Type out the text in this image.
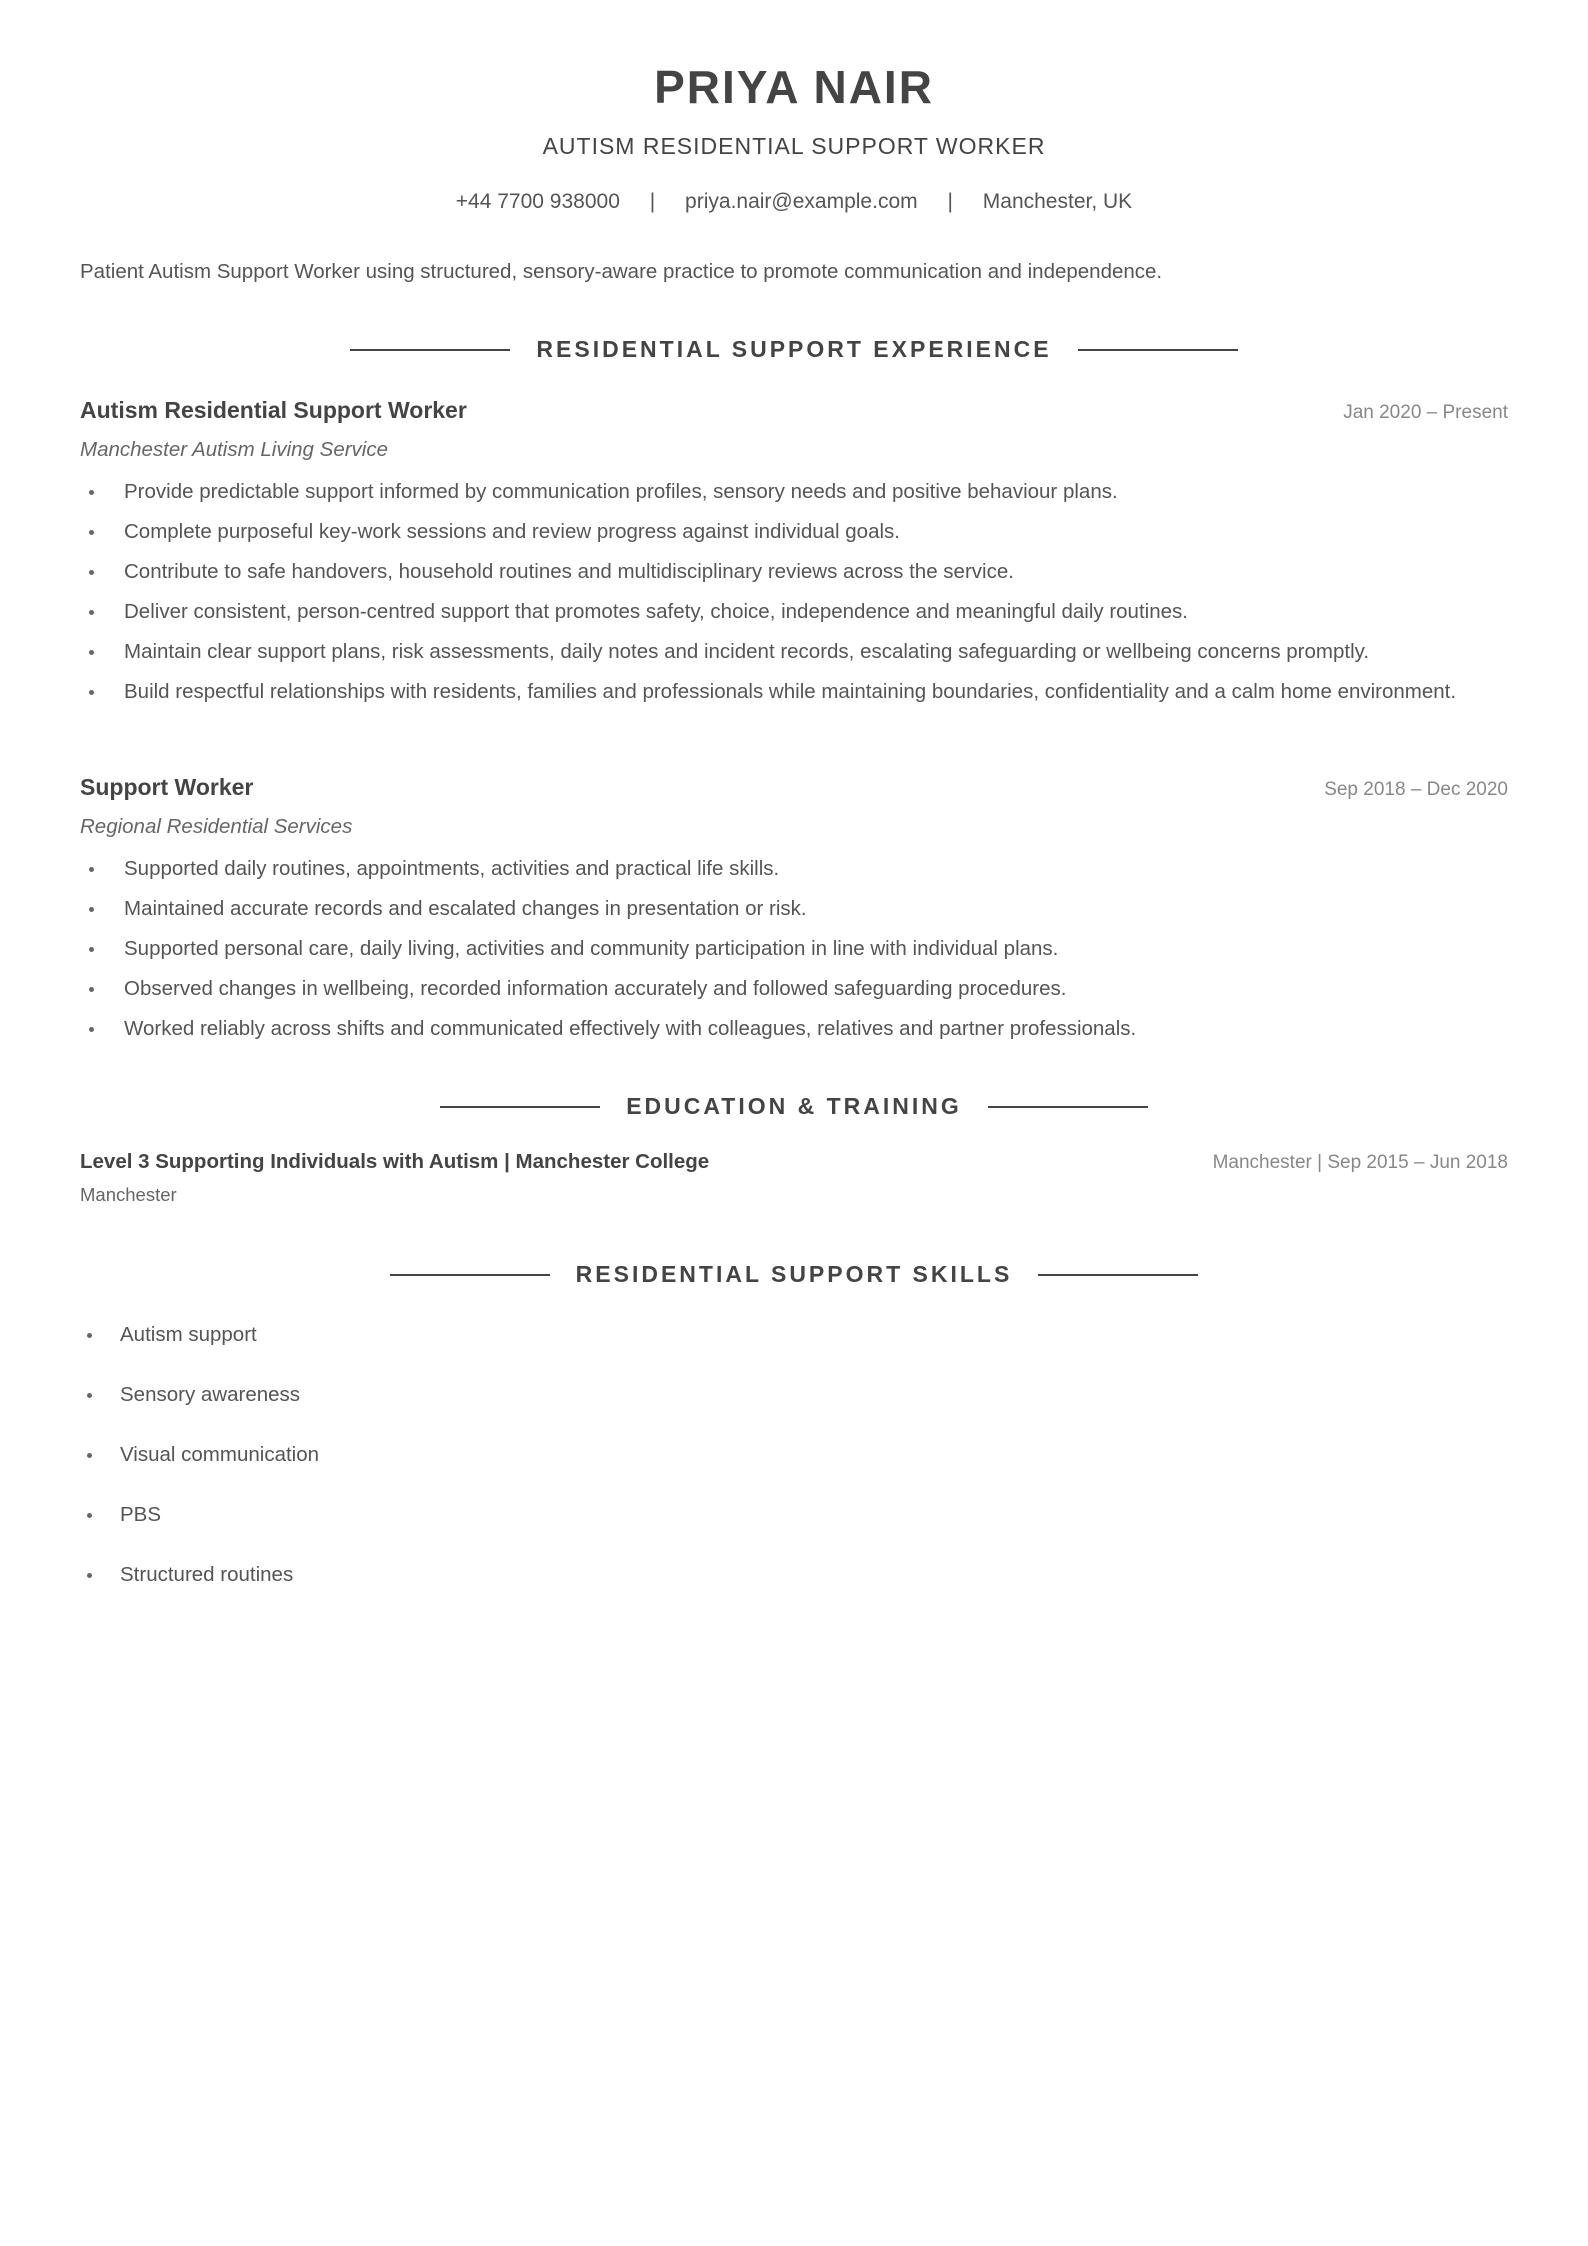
PRIYA NAIR
AUTISM RESIDENTIAL SUPPORT WORKER
+44 7700 938000 | priya.nair@example.com | Manchester, UK
Patient Autism Support Worker using structured, sensory-aware practice to promote communication and independence.
RESIDENTIAL SUPPORT EXPERIENCE
Autism Residential Support Worker	Jan 2020 – Present
Manchester Autism Living Service
Provide predictable support informed by communication profiles, sensory needs and positive behaviour plans.
Complete purposeful key-work sessions and review progress against individual goals.
Contribute to safe handovers, household routines and multidisciplinary reviews across the service.
Deliver consistent, person-centred support that promotes safety, choice, independence and meaningful daily routines.
Maintain clear support plans, risk assessments, daily notes and incident records, escalating safeguarding or wellbeing concerns promptly.
Build respectful relationships with residents, families and professionals while maintaining boundaries, confidentiality and a calm home environment.
Support Worker	Sep 2018 – Dec 2020
Regional Residential Services
Supported daily routines, appointments, activities and practical life skills.
Maintained accurate records and escalated changes in presentation or risk.
Supported personal care, daily living, activities and community participation in line with individual plans.
Observed changes in wellbeing, recorded information accurately and followed safeguarding procedures.
Worked reliably across shifts and communicated effectively with colleagues, relatives and partner professionals.
EDUCATION & TRAINING
Level 3 Supporting Individuals with Autism | Manchester College	Manchester | Sep 2015 – Jun 2018
Manchester
RESIDENTIAL SUPPORT SKILLS
Autism support
Sensory awareness
Visual communication
PBS
Structured routines
